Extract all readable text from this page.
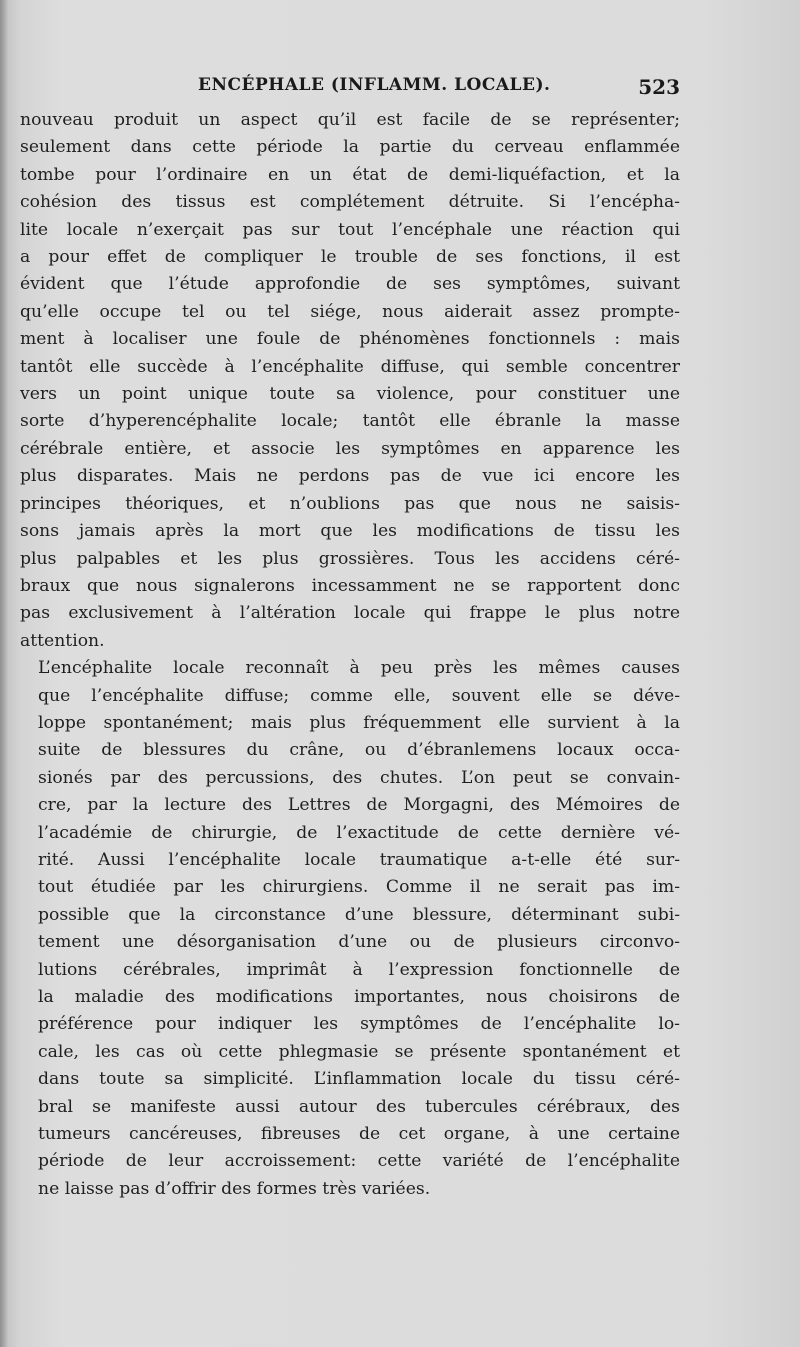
ENCÉPHALE (INFLAMM. LOCALE).	523
nouveau produit un aspect qu’il est facile de se représenter;
seulement dans cette période la partie du cerveau enflammée
tombe pour l’ordinaire en un état de demi-liquéfaction, et la
cohésion des tissus est complétement détruite. Si l’encépha-
lite locale n’exerçait pas sur tout l’encéphale une réaction qui
a pour effet de compliquer le trouble de ses fonctions, il est
évident que l’étude approfondie de ses symptômes, suivant
qu’elle occupe tel ou tel siége, nous aiderait assez prompte-
ment à localiser une foule de phénomènes fonctionnels : mais
tantôt elle succède à l’encéphalite diffuse, qui semble concentrer
vers un point unique toute sa violence, pour constituer une
sorte d’hyperencéphalite locale; tantôt elle ébranle la masse
cérébrale entière, et associe les symptômes en apparence les
plus disparates. Mais ne perdons pas de vue ici encore les
principes théoriques, et n’oublions pas que nous ne saisis-
sons jamais après la mort que les modifications de tissu les
plus palpables et les plus grossières. Tous les accidens céré-
braux que nous signalerons incessamment ne se rapportent donc
pas exclusivement à l’altération locale qui frappe le plus notre
attention.
L’encéphalite locale reconnaît à peu près les mêmes causes
que l’encéphalite diffuse; comme elle, souvent elle se déve-
loppe spontanément; mais plus fréquemment elle survient à la
suite de blessures du crâne, ou d’ébranlemens locaux occa-
sionés par des percussions, des chutes. L’on peut se convain-
cre, par la lecture des Lettres de Morgagni, des Mémoires de
l’académie de chirurgie, de l’exactitude de cette dernière vé-
rité. Aussi l’encéphalite locale traumatique a-t-elle été sur-
tout étudiée par les chirurgiens. Comme il ne serait pas im-
possible que la circonstance d’une blessure, déterminant subi-
tement une désorganisation d’une ou de plusieurs circonvo-
lutions cérébrales, imprimât à l’expression fonctionnelle de
la maladie des modifications importantes, nous choisirons de
préférence pour indiquer les symptômes de l’encéphalite lo-
cale, les cas où cette phlegmasie se présente spontanément et
dans toute sa simplicité. L’inflammation locale du tissu céré-
bral se manifeste aussi autour des tubercules cérébraux, des
tumeurs cancéreuses, fibreuses de cet organe, à une certaine
période de leur accroissement: cette variété de l’encéphalite
ne laisse pas d’offrir des formes très variées.
